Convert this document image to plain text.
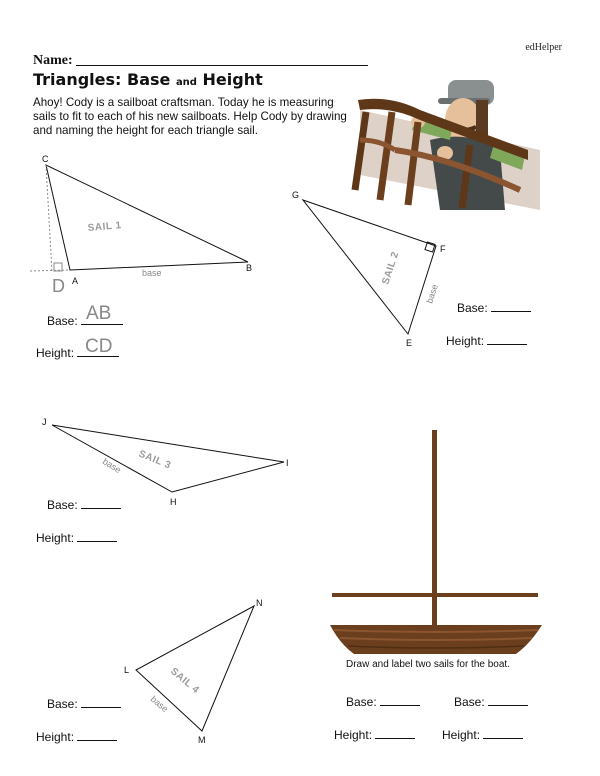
edHelper
Name:
Triangles: Base and Height
Ahoy! Cody is a sailboat craftsman. Today he is measuring sails to fit to each of his new sailboats. Help Cody by drawing and naming the height for each triangle sail.
C
A
B
D
SAIL 1
base
G
F
E
SAIL 2
base
J
I
H
SAIL 3
base
N
L
M
SAIL 4
base
Base: AB
Height: CD
Base:
Height:
Base:
Height:
Base:
Height:
Draw and label two sails for the boat.
Base:	Base:
Height:	Height:
